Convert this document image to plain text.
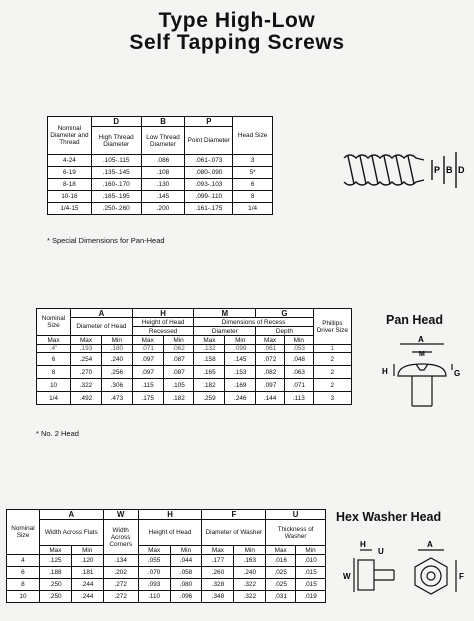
Type High-Low
Self Tapping Screws
Nominal Diameter and Thread	D	B	P	Head Size
	High Thread Diameter	Low Thread Diameter	Point Diameter	
4-24	.105-.115	.086	.061-.073	3
6-19	.135-.145	.108	.080-.090	5*
8-18	.160-.170	.130	.093-.103	6
10-16	.185-.195	.145	.099-.110	8
1/4-15	.250-.260	.200	.161-.175	1/4
* Special Dimensions for Pan-Head
P B D
Nominal Size	A		H		M		G		Phillips Driver Size
	Diameter of Head		Height of Head		Dimensions of Recess				
			Recessed		Diameter		Depth		
Max	Max	Min	Max	Min	Max	Min	Max	Min	
.4"	.193	.180	.071	.062	.132	.099	.061	.053	1
6	.254	.240	.097	.087	.158	.145	.072	.048	2
8	.270	.256	.097	.087	.165	.153	.082	.063	2
10	.322	.306	.115	.105	.182	.169	.097	.071	2
1/4	.492	.473	.175	.182	.259	.246	.144	.113	3
* No. 2 Head
Pan Head
A
M
H	G
Nominal Size	A		W	H		F		U	
	Width Across Flats		Width Across Corners	Height of Head		Diameter of Washer		Thickness of Washer	
	Max	Min		Max	Min	Max	Min	Max	Min
4	.125	.120	.134	.055	.044	.177	.163	.016	.010
6	.188	.181	.202	.070	.058	.260	.240	.025	.015
8	.250	.244	.272	.093	.080	.328	.322	.025	.015
10	.250	.244	.272	.110	.096	.348	.322	.031	.019
Hex Washer Head
H
U
W
A
F
